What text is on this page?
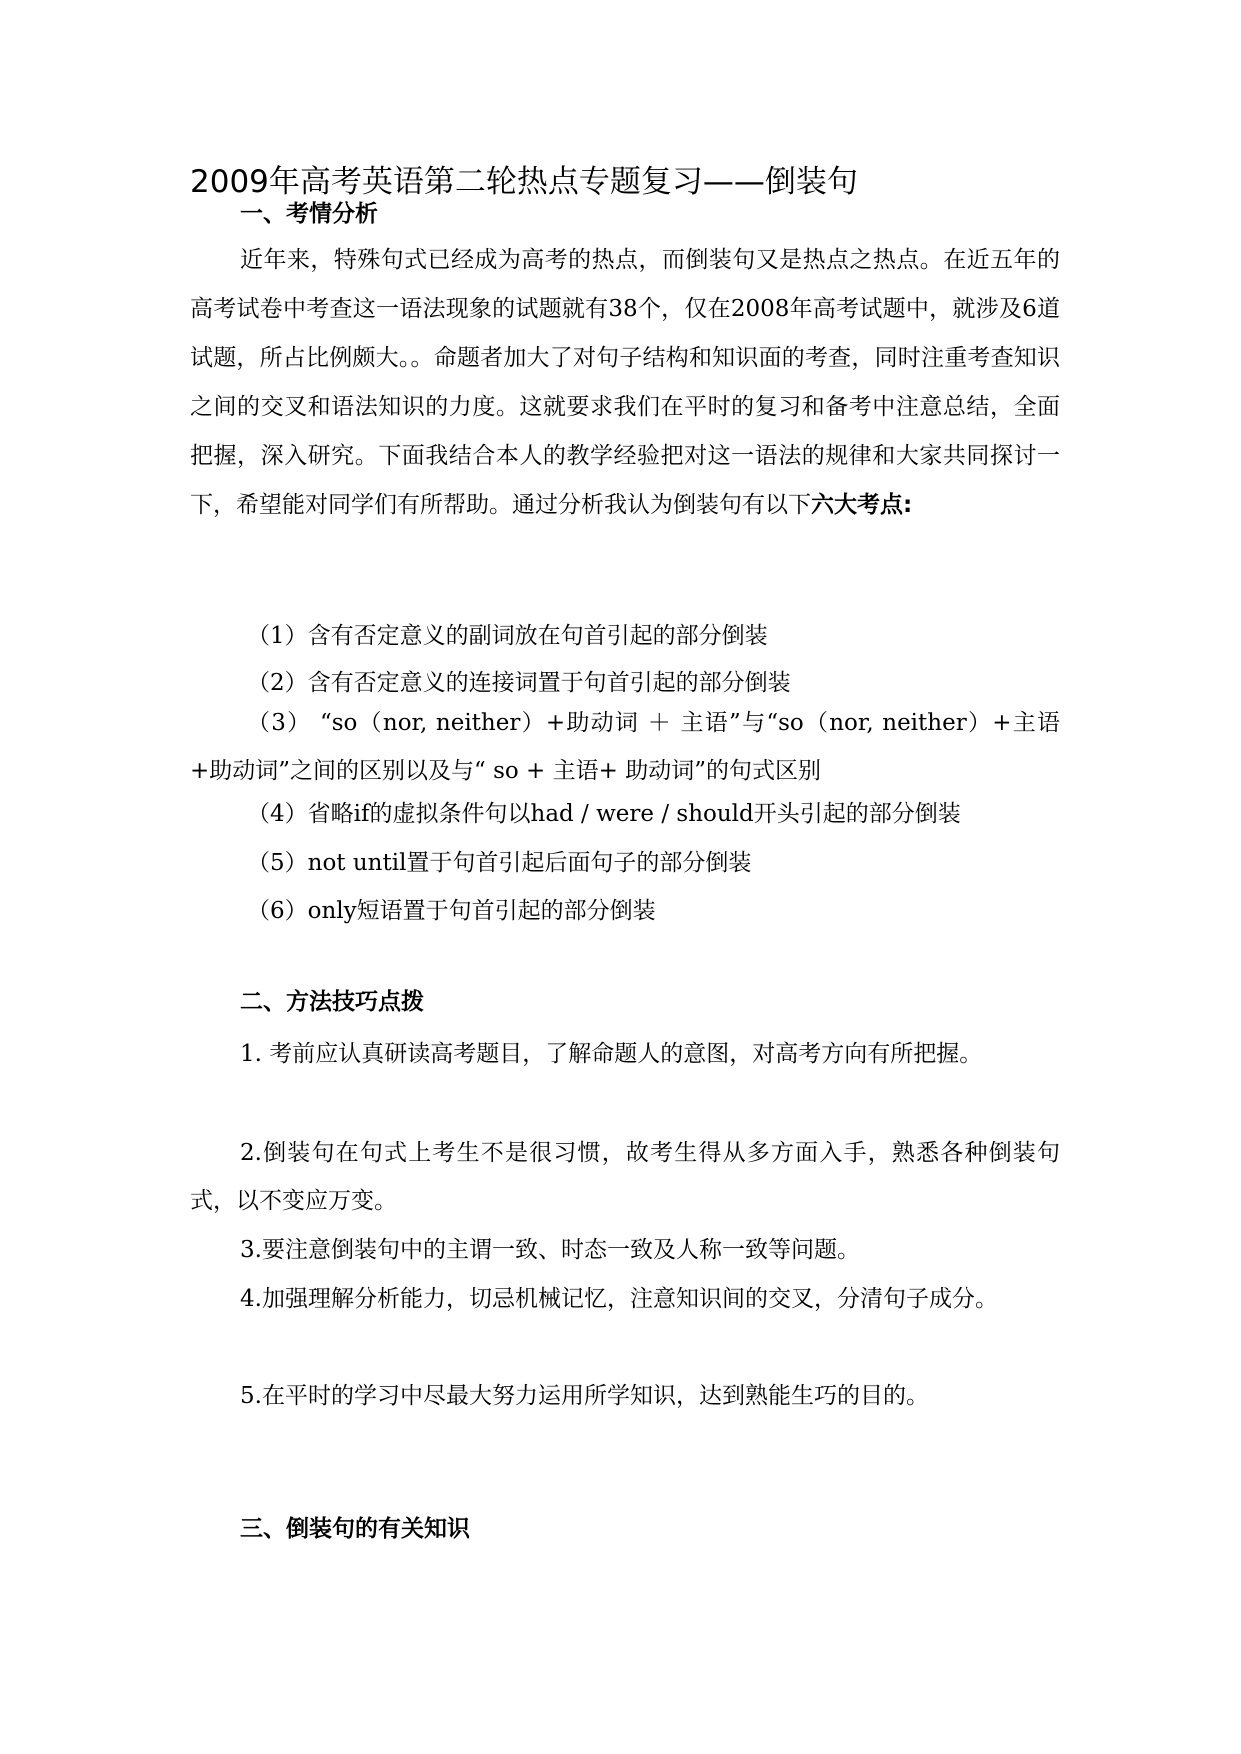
2009年高考英语第二轮热点专题复习——倒装句
一、考情分析

近年来，特殊句式已经成为高考的热点，而倒装句又是热点之热点。在近五年的高考试卷中考查这一语法现象的试题就有38个，仅在2008年高考试题中，就涉及6道试题，所占比例颇大。。命题者加大了对句子结构和知识面的考查，同时注重考查知识之间的交叉和语法知识的力度。这就要求我们在平时的复习和备考中注意总结，全面把握，深入研究。下面我结合本人的教学经验把对这一语法的规律和大家共同探讨一下，希望能对同学们有所帮助。通过分析我认为倒装句有以下六大考点:

（1）含有否定意义的副词放在句首引起的部分倒装
（2）含有否定意义的连接词置于句首引起的部分倒装

（3） “so（nor, neither）+助动词 ＋ 主语”与“so（nor, neither）+主语+助动词”之间的区别以及与“ so + 主语+ 助动词”的句式区别

（4）省略if的虚拟条件句以had / were / should开头引起的部分倒装
（5）not until置于句首引起后面句子的部分倒装
（6）only短语置于句首引起的部分倒装
二、方法技巧点拨

1. 考前应认真研读高考题目，了解命题人的意图，对高考方向有所把握。

2.倒装句在句式上考生不是很习惯，故考生得从多方面入手，熟悉各种倒装句式，以不变应万变。

3.要注意倒装句中的主谓一致、时态一致及人称一致等问题。

4.加强理解分析能力，切忌机械记忆，注意知识间的交叉，分清句子成分。

5.在平时的学习中尽最大努力运用所学知识，达到熟能生巧的目的。

三、倒装句的有关知识
